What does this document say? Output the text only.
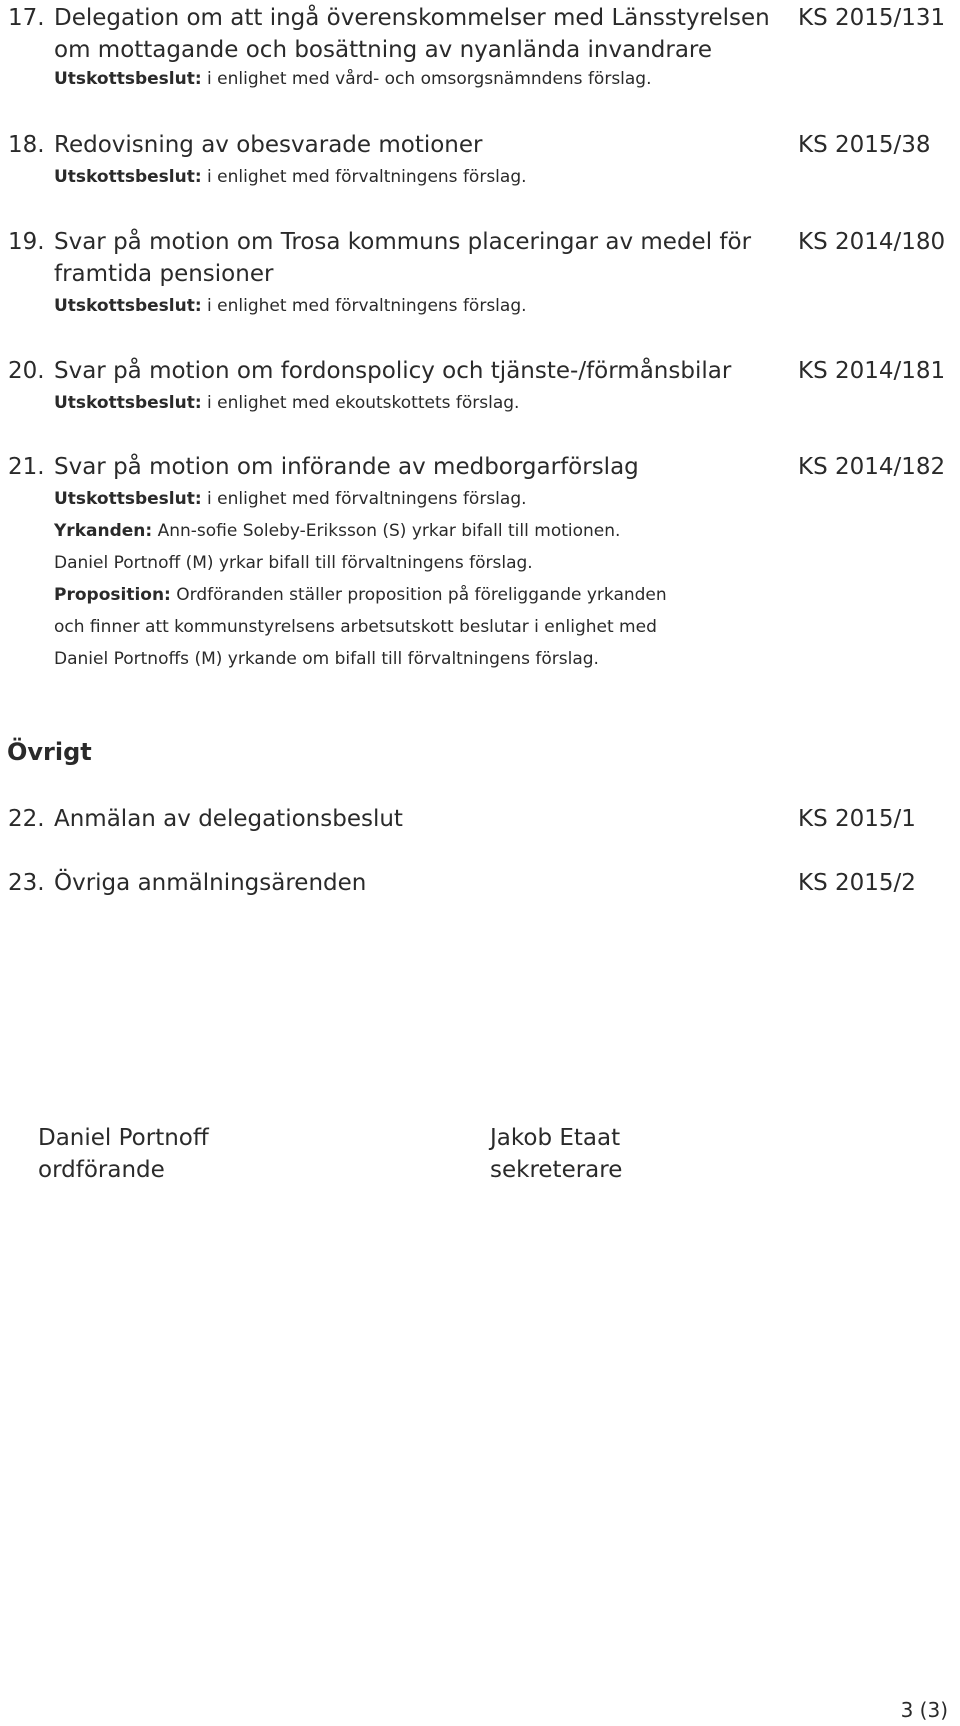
17. Delegation om att ingå överenskommelser med Länsstyrelsen KS 2015/131
om mottagande och bosättning av nyanlända invandrare
Utskottsbeslut: i enlighet med vård- och omsorgsnämndens förslag.
18. Redovisning av obesvarade motioner	KS 2015/38
Utskottsbeslut: i enlighet med förvaltningens förslag.
19. Svar på motion om Trosa kommuns placeringar av medel för	KS 2014/180
framtida pensioner
Utskottsbeslut: i enlighet med förvaltningens förslag.
20. Svar på motion om fordonspolicy och tjänste-/förmånsbilar	KS 2014/181
Utskottsbeslut: i enlighet med ekoutskottets förslag.
21. Svar på motion om införande av medborgarförslag	KS 2014/182
Utskottsbeslut: i enlighet med förvaltningens förslag.
Yrkanden: Ann-sofie Soleby-Eriksson (S) yrkar bifall till motionen.
Daniel Portnoff (M) yrkar bifall till förvaltningens förslag.
Proposition: Ordföranden ställer proposition på föreliggande yrkanden
och finner att kommunstyrelsens arbetsutskott beslutar i enlighet med
Daniel Portnoffs (M) yrkande om bifall till förvaltningens förslag.
Övrigt
22. Anmälan av delegationsbeslut	KS 2015/1
23. Övriga anmälningsärenden	KS 2015/2
Daniel Portnoff
ordförande
Jakob Etaat
sekreterare
3 (3)
